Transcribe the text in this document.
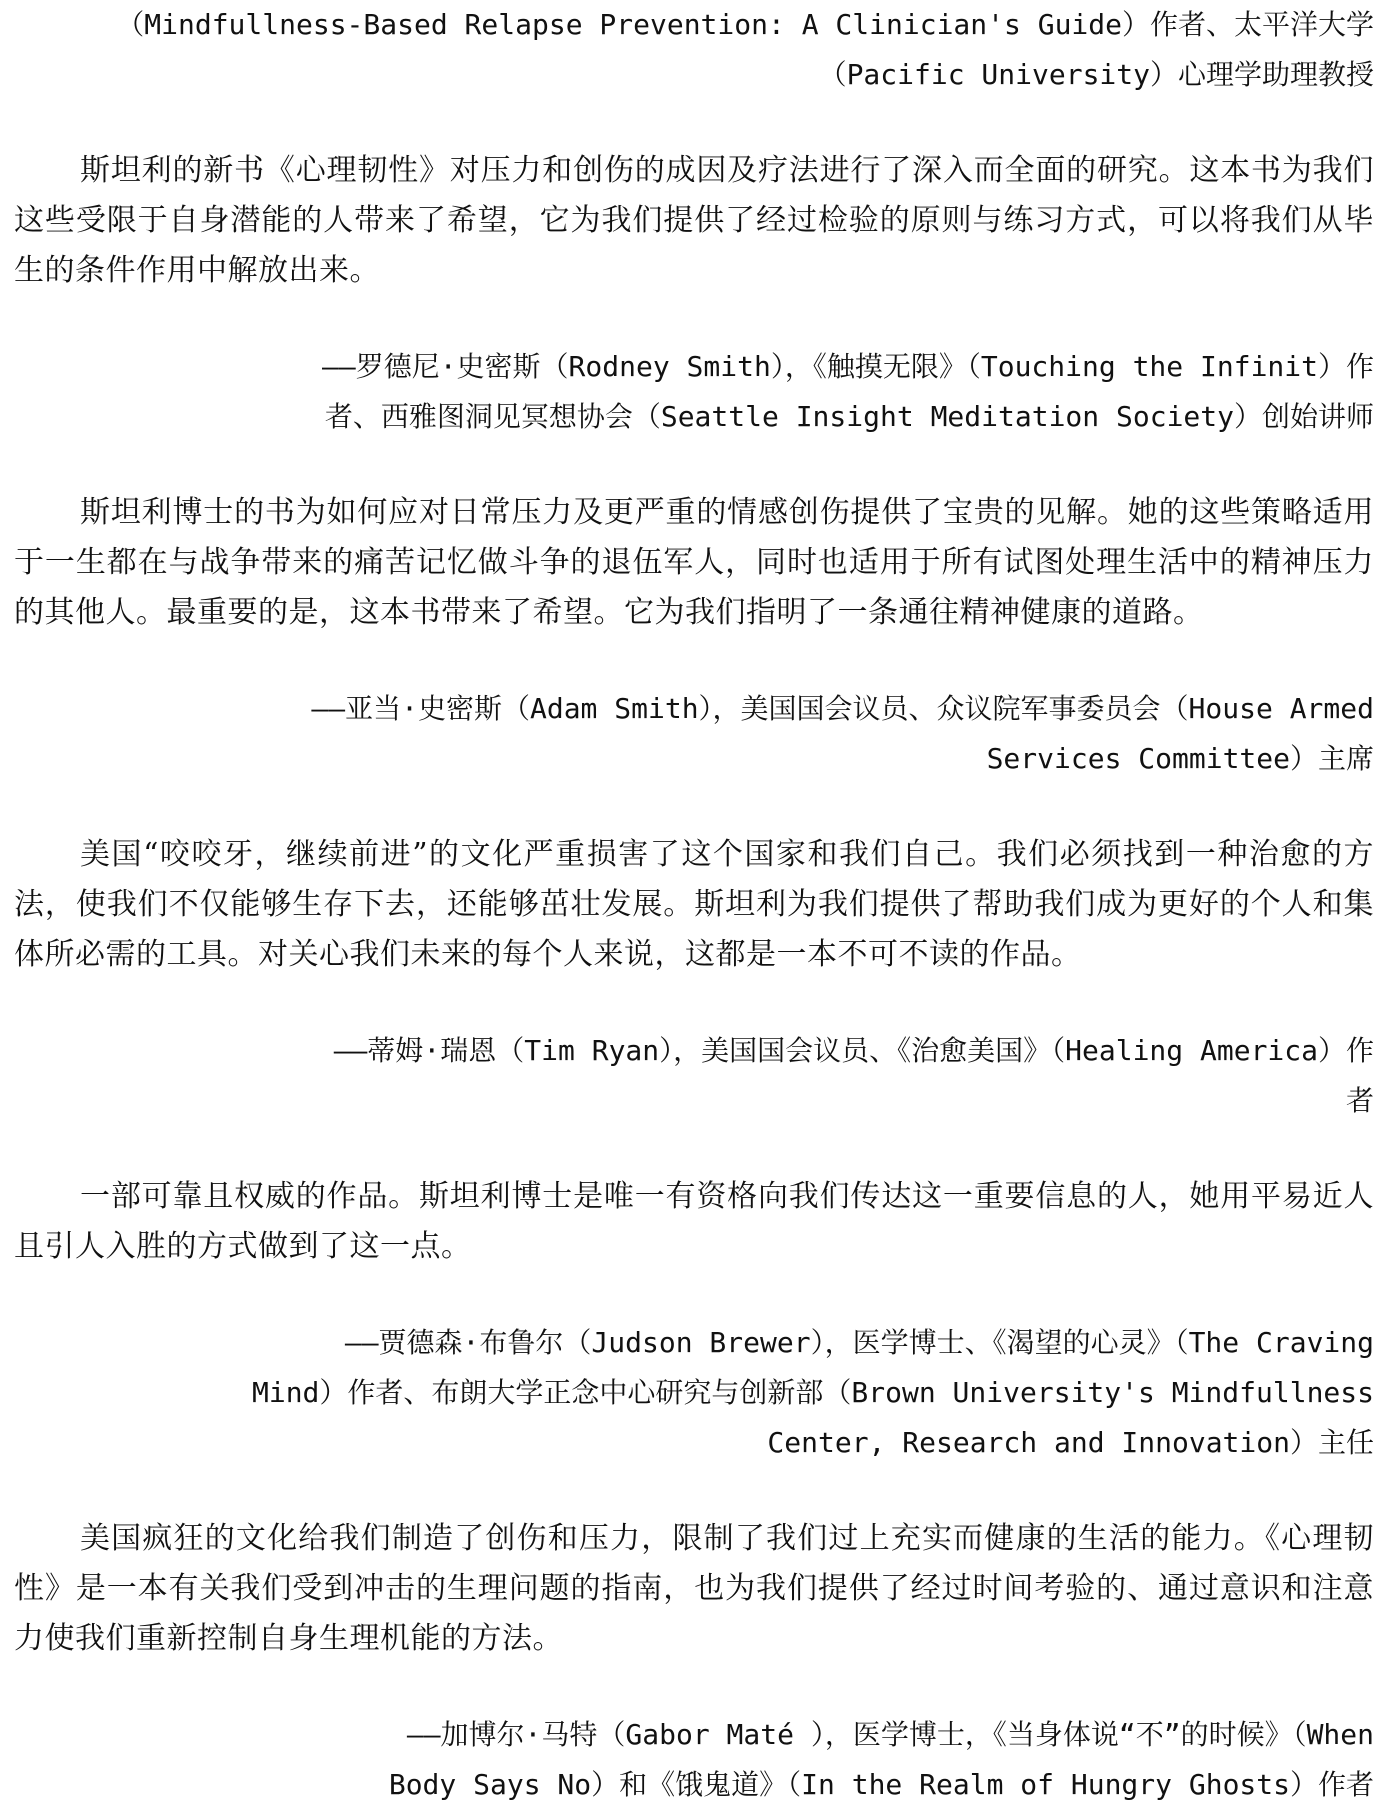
（Mindfullness-Based Relapse Prevention: A Clinician's Guide）作者、太平洋大学
（Pacific University）心理学助理教授

斯坦利的新书《心理韧性》对压力和创伤的成因及疗法进行了深入而全面的研究。这本书为我们这些受限于自身潜能的人带来了希望，它为我们提供了经过检验的原则与练习方式，可以将我们从毕生的条件作用中解放出来。

——罗德尼·史密斯（Rodney Smith），《触摸无限》（Touching the Infinit）作
者、西雅图洞见冥想协会（Seattle Insight Meditation Society）创始讲师

斯坦利博士的书为如何应对日常压力及更严重的情感创伤提供了宝贵的见解。她的这些策略适用于一生都在与战争带来的痛苦记忆做斗争的退伍军人，同时也适用于所有试图处理生活中的精神压力的其他人。最重要的是，这本书带来了希望。它为我们指明了一条通往精神健康的道路。

——亚当·史密斯（Adam Smith），美国国会议员、众议院军事委员会（House Armed
Services Committee）主席

美国“咬咬牙，继续前进”的文化严重损害了这个国家和我们自己。我们必须找到一种治愈的方法，使我们不仅能够生存下去，还能够茁壮发展。斯坦利为我们提供了帮助我们成为更好的个人和集体所必需的工具。对关心我们未来的每个人来说，这都是一本不可不读的作品。

——蒂姆·瑞恩（Tim Ryan），美国国会议员、《治愈美国》（Healing America）作
者

一部可靠且权威的作品。斯坦利博士是唯一有资格向我们传达这一重要信息的人，她用平易近人且引人入胜的方式做到了这一点。

——贾德森·布鲁尔（Judson Brewer），医学博士、《渴望的心灵》（The Craving
Mind）作者、布朗大学正念中心研究与创新部（Brown University's Mindfullness
Center, Research and Innovation）主任

美国疯狂的文化给我们制造了创伤和压力，限制了我们过上充实而健康的生活的能力。《心理韧性》是一本有关我们受到冲击的生理问题的指南，也为我们提供了经过时间考验的、通过意识和注意力使我们重新控制自身生理机能的方法。

——加博尔·马特（Gabor Maté ），医学博士，《当身体说“不”的时候》（When
Body Says No）和《饿鬼道》（In the Realm of Hungry Ghosts）作者
